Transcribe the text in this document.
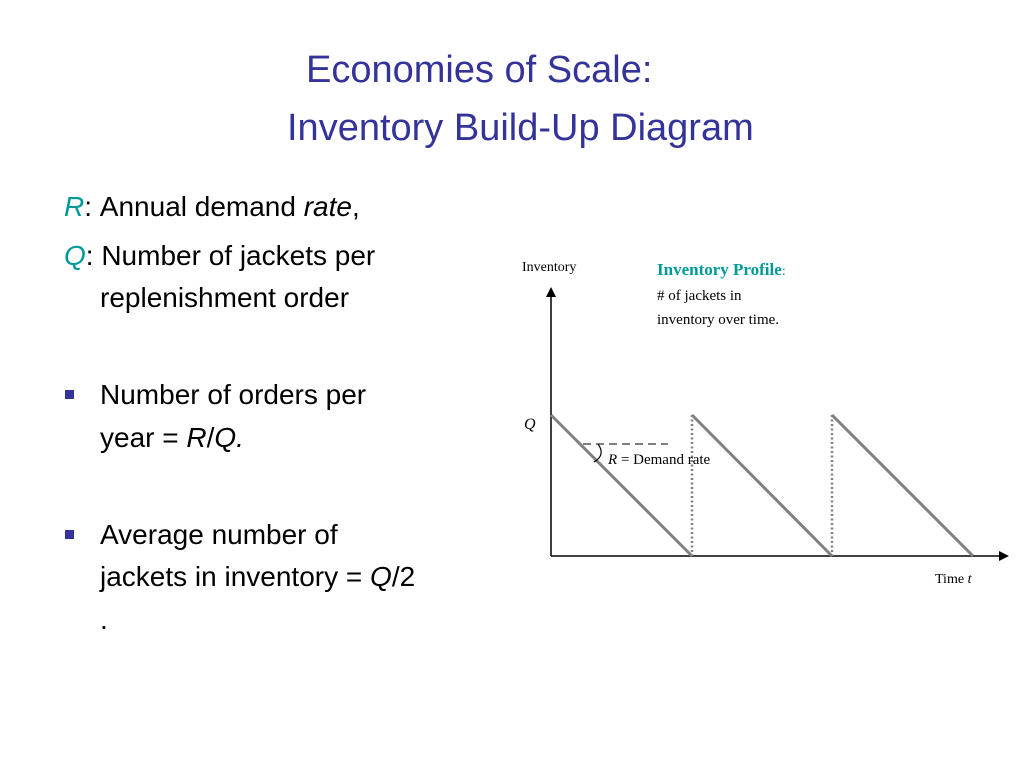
Economies of Scale:
Inventory Build-Up Diagram
R: Annual demand rate,
Q: Number of jackets per
replenishment order
Number of orders per
year = R/Q.
Average number of
jackets in inventory = Q/2
.
Inventory
Q
Inventory Profile:
# of jackets in
inventory over time.
R = Demand rate
Time t
